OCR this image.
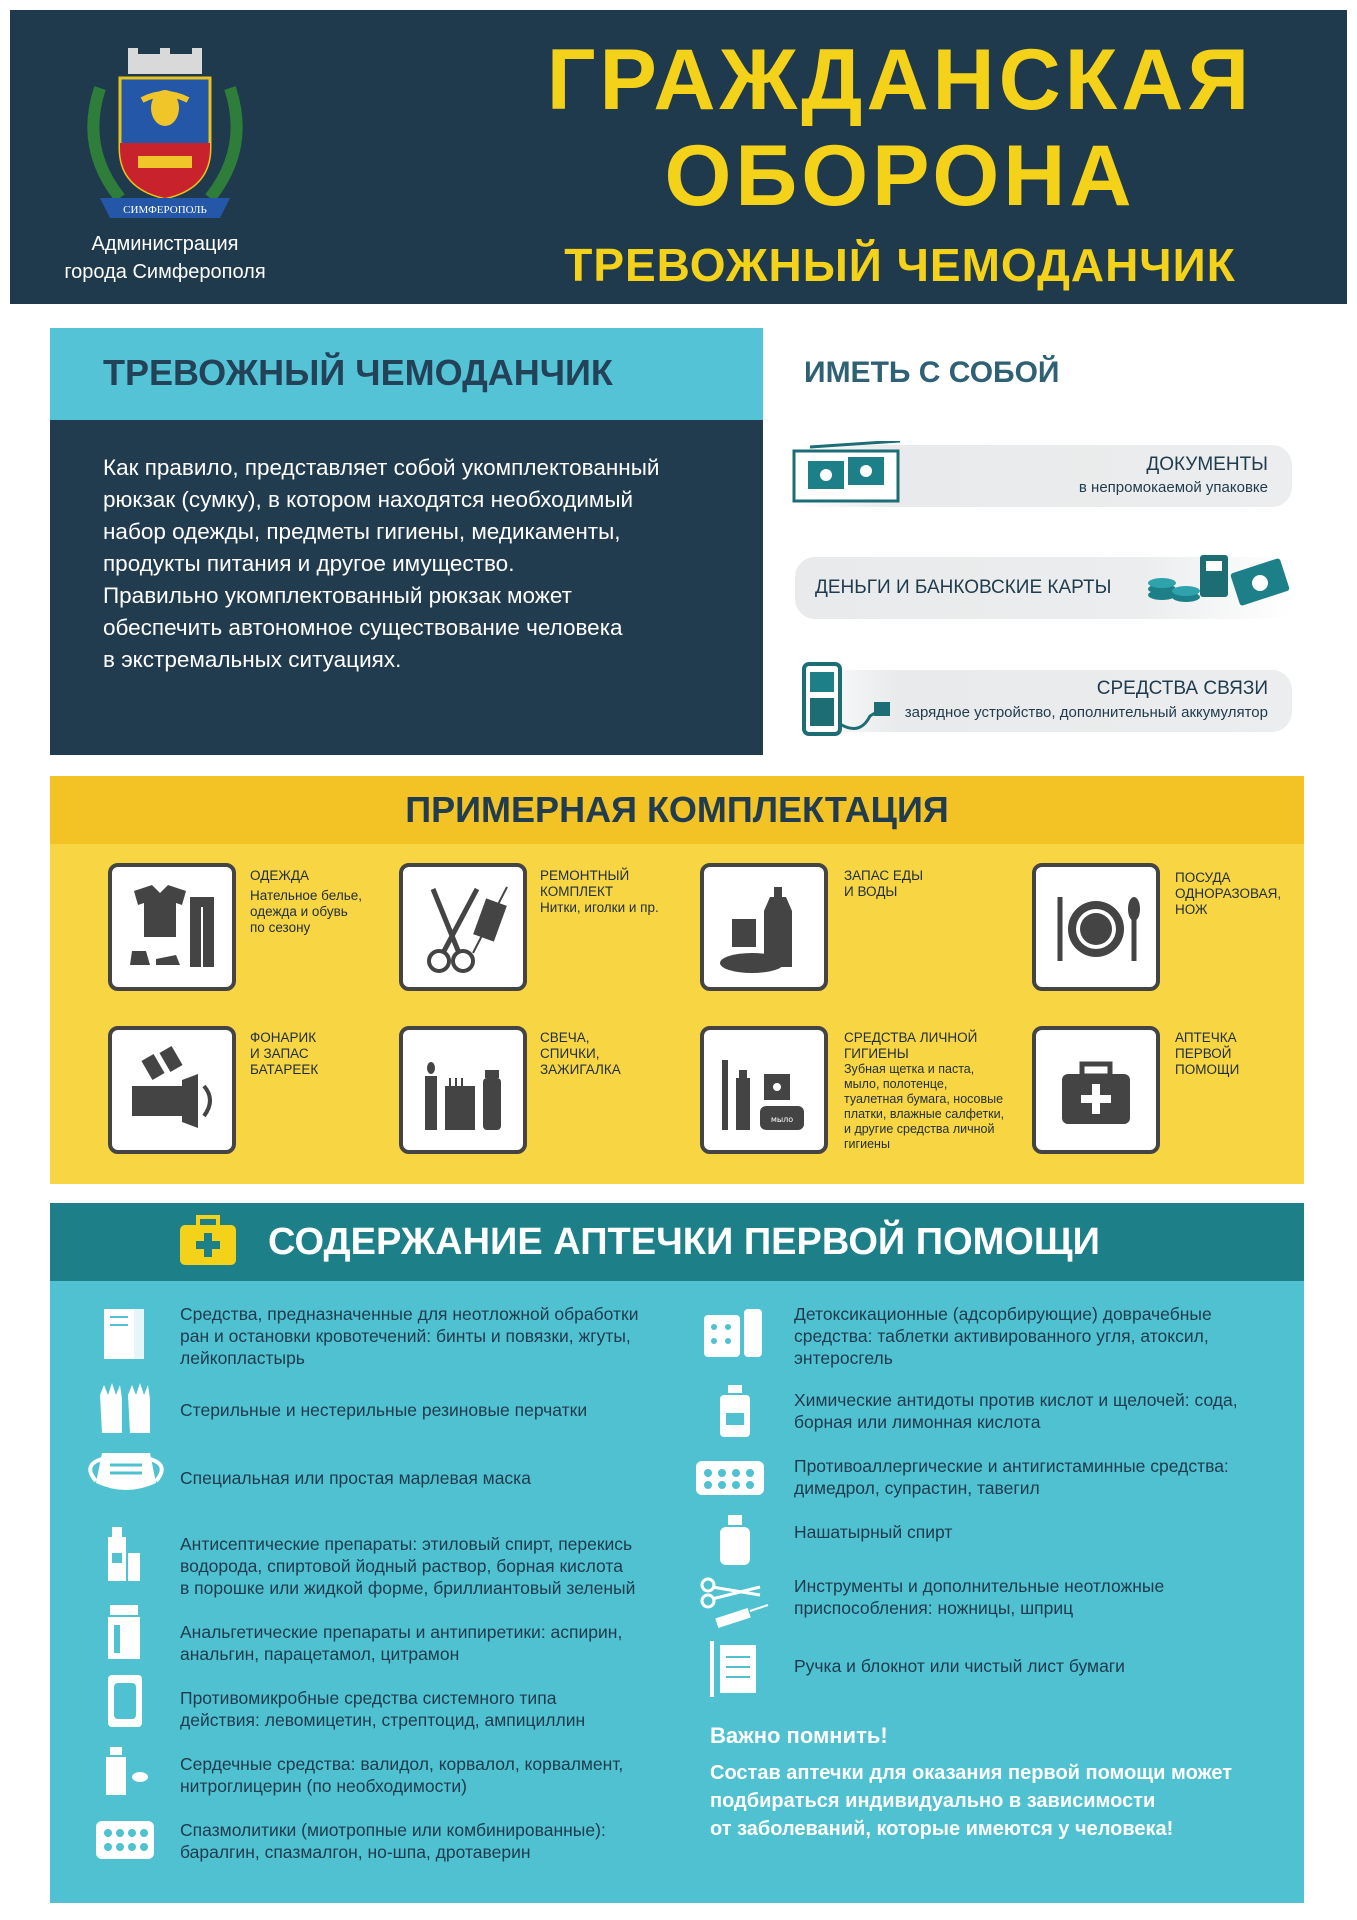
СИМФЕРОПОЛЬ
Администрация
города Симферополя
ГРАЖДАНСКАЯ
ОБОРОНА
ТРЕВОЖНЫЙ ЧЕМОДАНЧИК
ТРЕВОЖНЫЙ ЧЕМОДАНЧИК
Как правило, представляет собой укомплектованный
рюкзак (сумку), в котором находятся необходимый
набор одежды, предметы гигиены, медикаменты,
продукты питания и другое имущество.
Правильно укомплектованный рюкзак может
обеспечить автономное существование человека
в экстремальных ситуациях.
ИМЕТЬ С СОБОЙ
ДОКУМЕНТЫ
в непромокаемой упаковке
ДЕНЬГИ И БАНКОВСКИЕ КАРТЫ
СРЕДСТВА СВЯЗИ
зарядное устройство, дополнительный аккумулятор
ПРИМЕРНАЯ КОМПЛЕКТАЦИЯ
ОДЕЖДА
Нательное белье,
одежда и обувь
по сезону
РЕМОНТНЫЙ
КОМПЛЕКТ
Нитки, иголки и пр.
ЗАПАС ЕДЫ
И ВОДЫ
ПОСУДА
ОДНОРАЗОВАЯ,
НОЖ
ФОНАРИК
И ЗАПАС
БАТАРЕЕК
СВЕЧА,
СПИЧКИ,
ЗАЖИГАЛКА
мыло
СРЕДСТВА ЛИЧНОЙ
ГИГИЕНЫ
Зубная щетка и паста,
мыло, полотенце,
туалетная бумага, носовые
платки, влажные салфетки,
и другие средства личной
гигиены
АПТЕЧКА
ПЕРВОЙ
ПОМОЩИ
СОДЕРЖАНИЕ АПТЕЧКИ ПЕРВОЙ ПОМОЩИ
Средства, предназначенные для неотложной обработки
ран и остановки кровотечений: бинты и повязки, жгуты,
лейкопластырь
Стерильные и нестерильные резиновые перчатки
Специальная или простая марлевая маска
Антисептические препараты: этиловый спирт, перекись
водорода, спиртовой йодный раствор, борная кислота
в порошке или жидкой форме, бриллиантовый зеленый
Анальгетические препараты и антипиретики: аспирин,
анальгин, парацетамол, цитрамон
Противомикробные средства системного типа
действия: левомицетин, стрептоцид, ампициллин
Сердечные средства: валидол, корвалол, корвалмент,
нитроглицерин (по необходимости)
Спазмолитики (миотропные или комбинированные):
баралгин, спазмалгон, но-шпа, дротаверин
Детоксикационные (адсорбирующие) доврачебные
средства: таблетки активированного угля, атоксил,
энтеросгель
Химические антидоты против кислот и щелочей: сода,
борная или лимонная кислота
Противоаллергические и антигистаминные средства:
димедрол, супрастин, тавегил
Нашатырный спирт
Инструменты и дополнительные неотложные
приспособления: ножницы, шприц
Ручка и блокнот или чистый лист бумаги
Важно помнить!
Состав аптечки для оказания первой помощи может
подбираться индивидуально в зависимости
от заболеваний, которые имеются у человека!
